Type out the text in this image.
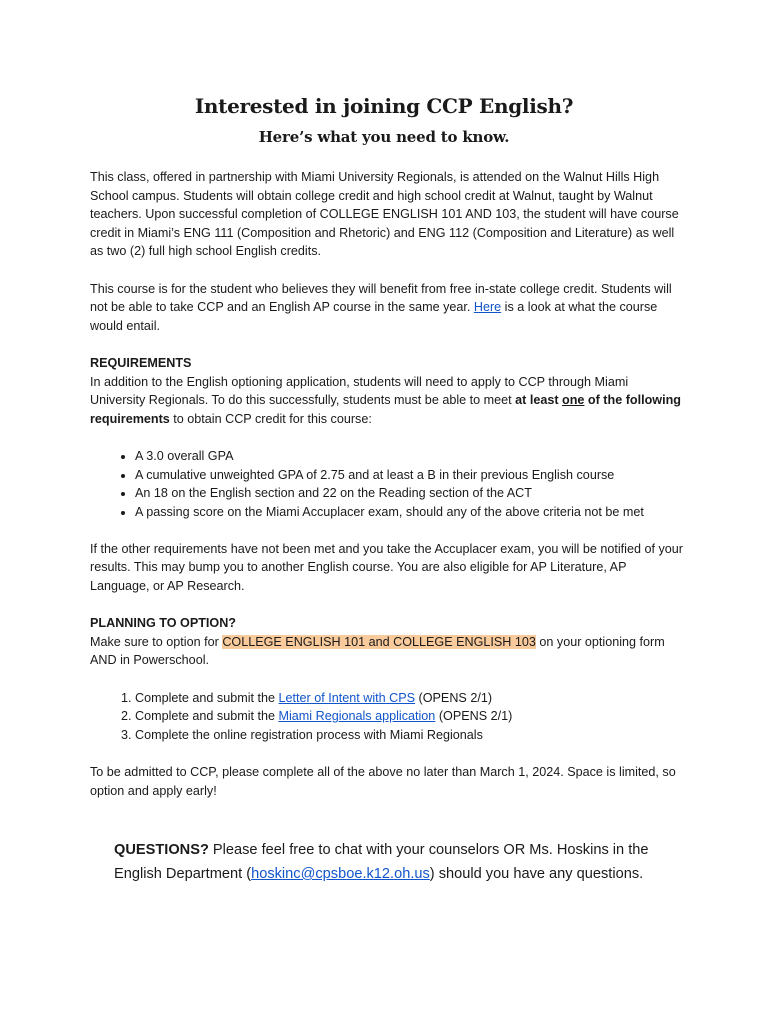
Interested in joining CCP English?
Here’s what you need to know.

This class, offered in partnership with Miami University Regionals, is attended on the Walnut Hills High School campus. Students will obtain college credit and high school credit at Walnut, taught by Walnut teachers. Upon successful completion of COLLEGE ENGLISH 101 AND 103, the student will have course credit in Miami’s ENG 111 (Composition and Rhetoric) and ENG 112 (Composition and Literature) as well as two (2) full high school English credits.

This course is for the student who believes they will benefit from free in-state college credit. Students will not be able to take CCP and an English AP course in the same year. Here is a look at what the course would entail.

REQUIREMENTS

In addition to the English optioning application, students will need to apply to CCP through Miami University Regionals. To do this successfully, students must be able to meet at least one of the following requirements to obtain CCP credit for this course:

• A 3.0 overall GPA
• A cumulative unweighted GPA of 2.75 and at least a B in their previous English course
• An 18 on the English section and 22 on the Reading section of the ACT
• A passing score on the Miami Accuplacer exam, should any of the above criteria not be met

If the other requirements have not been met and you take the Accuplacer exam, you will be notified of your results. This may bump you to another English course. You are also eligible for AP Literature, AP Language, or AP Research.

PLANNING TO OPTION?

Make sure to option for COLLEGE ENGLISH 101 and COLLEGE ENGLISH 103 on your optioning form AND in Powerschool.

1. Complete and submit the Letter of Intent with CPS (OPENS 2/1)
2. Complete and submit the Miami Regionals application (OPENS 2/1)
3. Complete the online registration process with Miami Regionals

To be admitted to CCP, please complete all of the above no later than March 1, 2024. Space is limited, so option and apply early!

QUESTIONS? Please feel free to chat with your counselors OR Ms. Hoskins in the English Department (hoskinc@cpsboe.k12.oh.us) should you have any questions.
